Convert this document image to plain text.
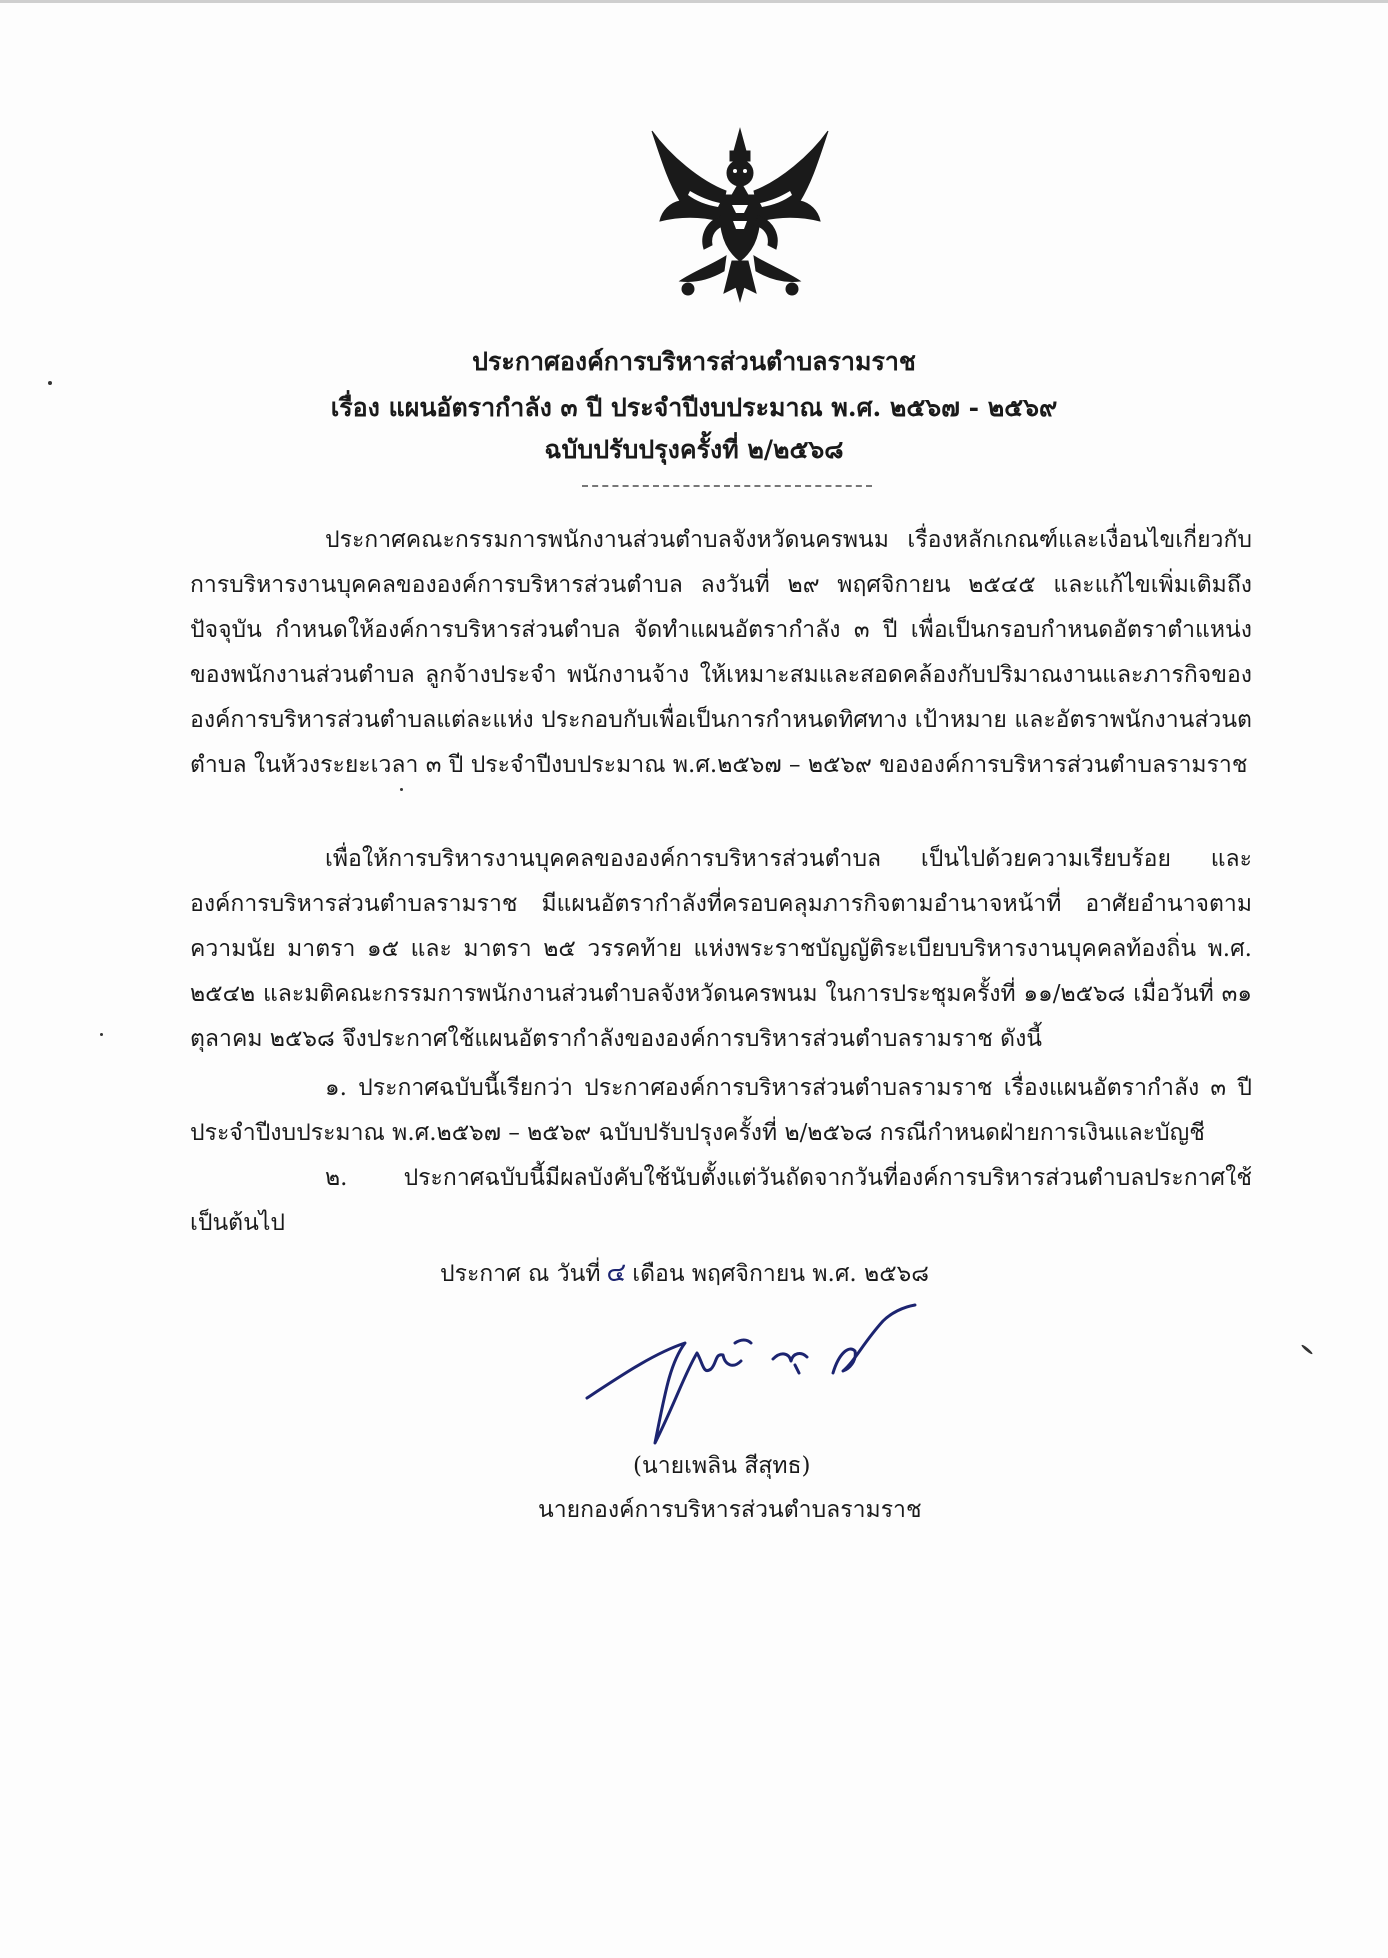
ประกาศองค์การบริหารส่วนตำบลรามราช
เรื่อง แผนอัตรากำลัง ๓ ปี ประจำปีงบประมาณ พ.ศ. ๒๕๖๗ - ๒๕๖๙
ฉบับปรับปรุงครั้งที่ ๒/๒๕๖๘

ประกาศคณะกรรมการพนักงานส่วนตำบลจังหวัดนครพนม เรื่องหลักเกณฑ์และเงื่อนไขเกี่ยวกับการบริหารงานบุคคลขององค์การบริหารส่วนตำบล ลงวันที่ ๒๙ พฤศจิกายน ๒๕๔๕ และแก้ไขเพิ่มเติมถึงปัจจุบัน กำหนดให้องค์การบริหารส่วนตำบล จัดทำแผนอัตรากำลัง ๓ ปี เพื่อเป็นกรอบกำหนดอัตราตำแหน่งของพนักงานส่วนตำบล ลูกจ้างประจำ พนักงานจ้าง ให้เหมาะสมและสอดคล้องกับปริมาณงานและภารกิจขององค์การบริหารส่วนตำบลแต่ละแห่ง ประกอบกับเพื่อเป็นการกำหนดทิศทาง เป้าหมาย และอัตราพนักงานส่วนตตำบล ในห้วงระยะเวลา ๓ ปี ประจำปีงบประมาณ พ.ศ.๒๕๖๗ – ๒๕๖๙ ขององค์การบริหารส่วนตำบลรามราช

เพื่อให้การบริหารงานบุคคลขององค์การบริหารส่วนตำบล เป็นไปด้วยความเรียบร้อย และองค์การบริหารส่วนตำบลรามราช มีแผนอัตรากำลังที่ครอบคลุมภารกิจตามอำนาจหน้าที่ อาศัยอำนาจตามความนัย มาตรา ๑๕ และ มาตรา ๒๕ วรรคท้าย แห่งพระราชบัญญัติระเบียบบริหารงานบุคคลท้องถิ่น พ.ศ. ๒๕๔๒ และมติคณะกรรมการพนักงานส่วนตำบลจังหวัดนครพนม ในการประชุมครั้งที่ ๑๑/๒๕๖๘ เมื่อวันที่ ๓๑ ตุลาคม ๒๕๖๘ จึงประกาศใช้แผนอัตรากำลังขององค์การบริหารส่วนตำบลรามราช ดังนี้

๑. ประกาศฉบับนี้เรียกว่า ประกาศองค์การบริหารส่วนตำบลรามราช เรื่องแผนอัตรากำลัง ๓ ปี ประจำปีงบประมาณ พ.ศ.๒๕๖๗ – ๒๕๖๙ ฉบับปรับปรุงครั้งที่ ๒/๒๕๖๘ กรณีกำหนดฝ่ายการเงินและบัญชี

๒. ประกาศฉบับนี้มีผลบังคับใช้นับตั้งแต่วันถัดจากวันที่องค์การบริหารส่วนตำบลประกาศใช้เป็นต้นไป

ประกาศ ณ วันที่ ๔ เดือน พฤศจิกายน พ.ศ. ๒๕๖๘
(นายเพลิน สีสุทธ)
นายกองค์การบริหารส่วนตำบลรามราช
